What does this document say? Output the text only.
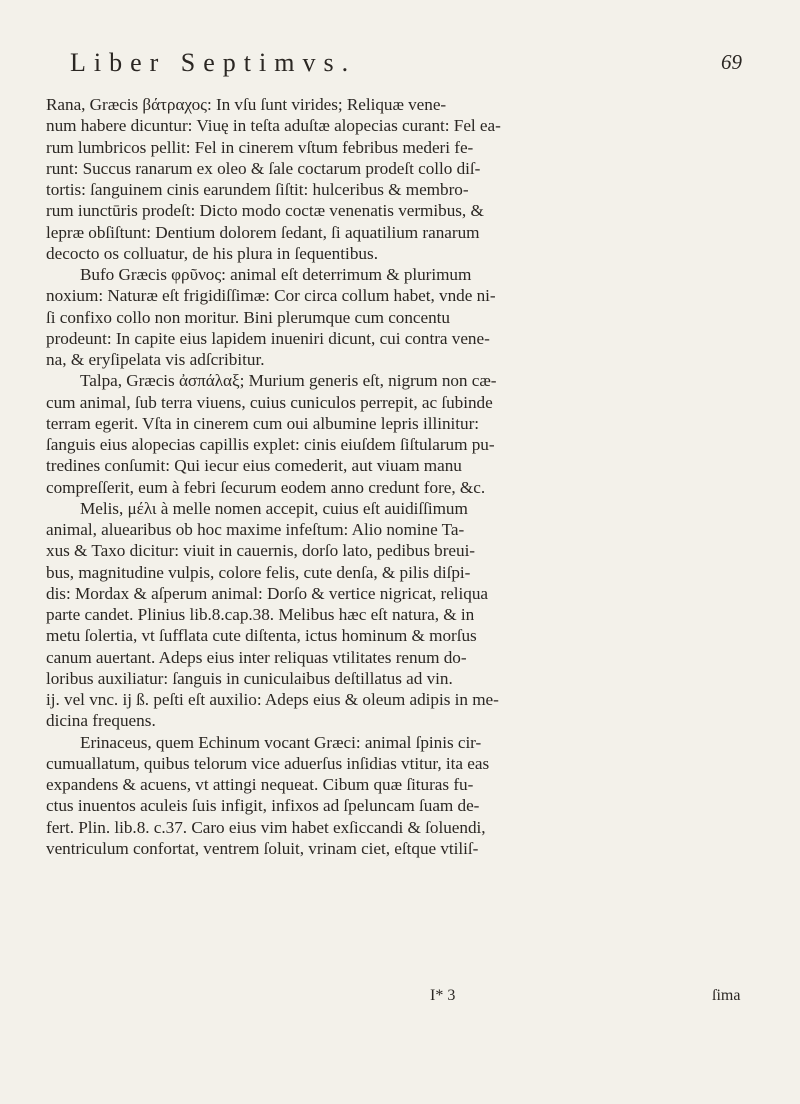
Liber Septimvs.	69
Rana, Græcis βάτραχος: In vſu ſunt virides; Reliquæ vene-
num habere dicuntur: Viuę in teſta aduſtæ alopecias curant: Fel ea-
rum lumbricos pellit: Fel in cinerem vſtum febribus mederi fe-
runt: Succus ranarum ex oleo & ſale coctarum prodeſt collo diſ-
tortis: ſanguinem cinis earundem ſiſtit: hulceribus & membro-
rum iunctūris prodeſt: Dicto modo coctæ venenatis vermibus, &
lepræ obſiſtunt: Dentium dolorem ſedant, ſi aquatilium ranarum
decocto os colluatur, de his plura in ſequentibus.
Bufo Græcis φρῦνος: animal eſt deterrimum & plurimum
noxium: Naturæ eſt frigidiſſimæ: Cor circa collum habet, vnde ni-
ſi confixo collo non moritur. Bini plerumque cum concentu
prodeunt: In capite eius lapidem inueniri dicunt, cui contra vene-
na, & eryſipelata vis adſcribitur.
Talpa, Græcis ἀσπάλαξ; Murium generis eſt, nigrum non cæ-
cum animal, ſub terra viuens, cuius cuniculos perrepit, ac ſubinde
terram egerit. Vſta in cinerem cum oui albumine lepris illinitur:
ſanguis eius alopecias capillis explet: cinis eiuſdem ſiſtularum pu-
tredines conſumit: Qui iecur eius comederit, aut viuam manu
compreſſerit, eum à febri ſecurum eodem anno credunt fore, &c.
Melis, μέλι à melle nomen accepit, cuius eſt auidiſſimum
animal, aluearibus ob hoc maxime infeſtum: Alio nomine Ta-
xus & Taxo dicitur: viuit in cauernis, dorſo lato, pedibus breui-
bus, magnitudine vulpis, colore felis, cute denſa, & pilis diſpi-
dis: Mordax & aſperum animal: Dorſo & vertice nigricat, reliqua
parte candet. Plinius lib.8.cap.38. Melibus hæc eſt natura, & in
metu ſolertia, vt ſufflata cute diſtenta, ictus hominum & morſus
canum auertant. Adeps eius inter reliquas vtilitates renum do-
loribus auxiliatur: ſanguis in cuniculaibus deſtillatus ad vin.
ij. vel vnc. ij ß. peſti eſt auxilio: Adeps eius & oleum adipis in me-
dicina frequens.
Erinaceus, quem Echinum vocant Græci: animal ſpinis cir-
cumuallatum, quibus telorum vice aduerſus inſidias vtitur, ita eas
expandens & acuens, vt attingi nequeat. Cibum quæ ſituras fu-
ctus inuentos aculeis ſuis infigit, infixos ad ſpeluncam ſuam de-
fert. Plin. lib.8. c.37. Caro eius vim habet exſiccandi & ſoluendi,
ventriculum confortat, ventrem ſoluit, vrinam ciet, eſtque vtiliſ-
I* 3	ſima
